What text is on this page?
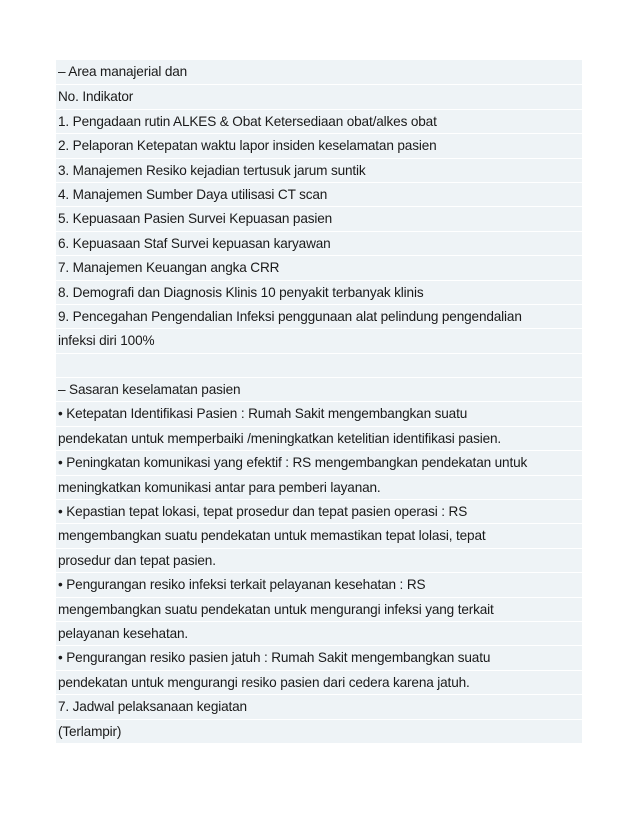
– Area manajerial dan
No. Indikator
1. Pengadaan rutin ALKES & Obat Ketersediaan obat/alkes obat
2. Pelaporan Ketepatan waktu lapor insiden keselamatan pasien
3. Manajemen Resiko kejadian tertusuk jarum suntik
4. Manajemen Sumber Daya utilisasi CT scan
5. Kepuasaan Pasien Survei Kepuasan pasien
6. Kepuasaan Staf Survei kepuasan karyawan
7. Manajemen Keuangan angka CRR
8. Demografi dan Diagnosis Klinis 10 penyakit terbanyak klinis
9. Pencegahan Pengendalian Infeksi penggunaan alat pelindung pengendalian
infeksi diri 100%
– Sasaran keselamatan pasien
• Ketepatan Identifikasi Pasien : Rumah Sakit mengembangkan suatu
pendekatan untuk memperbaiki /meningkatkan ketelitian identifikasi pasien.
• Peningkatan komunikasi yang efektif : RS mengembangkan pendekatan untuk
meningkatkan komunikasi antar para pemberi layanan.
• Kepastian tepat lokasi, tepat prosedur dan tepat pasien operasi : RS
mengembangkan suatu pendekatan untuk memastikan tepat lolasi, tepat
prosedur dan tepat pasien.
• Pengurangan resiko infeksi terkait pelayanan kesehatan : RS
mengembangkan suatu pendekatan untuk mengurangi infeksi yang terkait
pelayanan kesehatan.
• Pengurangan resiko pasien jatuh : Rumah Sakit mengembangkan suatu
pendekatan untuk mengurangi resiko pasien dari cedera karena jatuh.
7. Jadwal pelaksanaan kegiatan
(Terlampir)
